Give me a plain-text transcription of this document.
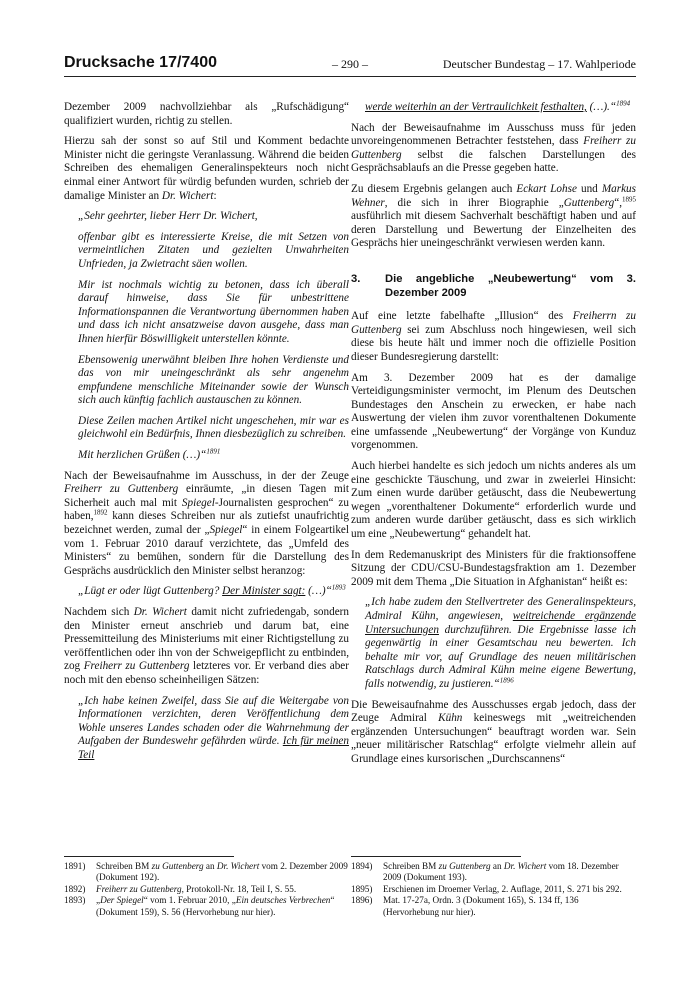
Drucksache 17/7400	– 290 –	Deutscher Bundestag – 17. Wahlperiode

Dezember 2009 nachvollziehbar als „Rufschädigung“ qualifiziert wurden, richtig zu stellen.

Hierzu sah der sonst so auf Stil und Komment bedachte Minister nicht die geringste Veranlassung. Während die beiden Schreiben des ehemaligen Generalinspekteurs noch nicht einmal einer Antwort für würdig befunden wurden, schrieb der damalige Minister an Dr. Wichert:

„Sehr geehrter, lieber Herr Dr. Wichert,

offenbar gibt es interessierte Kreise, die mit Setzen von vermeintlichen Zitaten und gezielten Unwahrheiten Unfrieden, ja Zwietracht säen wollen.

Mir ist nochmals wichtig zu betonen, dass ich überall darauf hinweise, dass Sie für unbestrittene Informationspannen die Verantwortung übernommen haben und dass ich nicht ansatzweise davon ausgehe, dass man Ihnen hierfür Böswilligkeit unterstellen könnte.

Ebensowenig unerwähnt bleiben Ihre hohen Verdienste und das von mir uneingeschränkt als sehr angenehm empfundene menschliche Miteinander sowie der Wunsch sich auch künftig fachlich austauschen zu können.

Diese Zeilen machen Artikel nicht ungeschehen, mir war es gleichwohl ein Bedürfnis, Ihnen diesbezüglich zu schreiben.

Mit herzlichen Grüßen (…)“$^{1891}$

Nach der Beweisaufnahme im Ausschuss, in der der Zeuge Freiherr zu Guttenberg einräumte, „in diesen Tagen mit Sicherheit auch mal mit Spiegel-Journalisten gesprochen“ zu haben,$^{1892}$ kann dieses Schreiben nur als zutiefst unaufrichtig bezeichnet werden, zumal der „Spiegel“ in einem Folgeartikel vom 1. Februar 2010 darauf verzichtete, das „Umfeld des Ministers“ zu bemühen, sondern für die Darstellung des Gesprächs ausdrücklich den Minister selbst heranzog:

„Lügt er oder lügt Guttenberg? Der Minister sagt: (…)“$^{1893}$

Nachdem sich Dr. Wichert damit nicht zufriedengab, sondern den Minister erneut anschrieb und darum bat, eine Pressemitteilung des Ministeriums mit einer Richtigstellung zu veröffentlichen oder ihn von der Schweigepflicht zu entbinden, zog Freiherr zu Guttenberg letzteres vor. Er verband dies aber noch mit den ebenso scheinheiligen Sätzen:

„Ich habe keinen Zweifel, dass Sie auf die Weitergabe von Informationen verzichten, deren Veröffentlichung dem Wohle unseres Landes schaden oder die Wahrnehmung der Aufgaben der Bundeswehr gefährden würde. Ich für meinen Teil

werde weiterhin an der Vertraulichkeit festhalten, (…).“$^{1894}$

Nach der Beweisaufnahme im Ausschuss muss für jeden unvoreingenommenen Betrachter feststehen, dass Freiherr zu Guttenberg selbst die falschen Darstellungen des Gesprächsablaufs an die Presse gegeben hatte.

Zu diesem Ergebnis gelangen auch Eckart Lohse und Markus Wehner, die sich in ihrer Biographie „Guttenberg“,$^{1895}$ ausführlich mit diesem Sachverhalt beschäftigt haben und auf deren Darstellung und Bewertung der Einzelheiten des Gesprächs hier uneingeschränkt verwiesen werden kann.

3.	Die angebliche „Neubewertung“ vom 3. Dezember 2009

Auf eine letzte fabelhafte „Illusion“ des Freiherrn zu Guttenberg sei zum Abschluss noch hingewiesen, weil sich diese bis heute hält und immer noch die offizielle Position dieser Bundesregierung darstellt:

Am 3. Dezember 2009 hat es der damalige Verteidigungsminister vermocht, im Plenum des Deutschen Bundestages den Anschein zu erwecken, er habe nach Auswertung der vielen ihm zuvor vorenthaltenen Dokumente eine umfassende „Neubewertung“ der Vorgänge von Kunduz vorgenommen.

Auch hierbei handelte es sich jedoch um nichts anderes als um eine geschickte Täuschung, und zwar in zweierlei Hinsicht: Zum einen wurde darüber getäuscht, dass die Neubewertung wegen „vorenthaltener Dokumente“ erforderlich wurde und zum anderen wurde darüber getäuscht, dass es sich wirklich um eine „Neubewertung“ gehandelt hat.

In dem Redemanuskript des Ministers für die fraktionsoffene Sitzung der CDU/CSU-Bundestagsfraktion am 1. Dezember 2009 mit dem Thema „Die Situation in Afghanistan“ heißt es:

„Ich habe zudem den Stellvertreter des Generalinspekteurs, Admiral Kühn, angewiesen, weitreichende ergänzende Untersuchungen durchzuführen. Die Ergebnisse lasse ich gegenwärtig in einer Gesamtschau neu bewerten. Ich behalte mir vor, auf Grundlage des neuen militärischen Ratschlags durch Admiral Kühn meine eigene Bewertung, falls notwendig, zu justieren.“$^{1896}$

Die Beweisaufnahme des Ausschusses ergab jedoch, dass der Zeuge Admiral Kühn keineswegs mit „weitreichenden ergänzenden Untersuchungen“ beauftragt worden war. Sein „neuer militärischer Ratschlag“ erfolgte vielmehr allein auf Grundlage eines kursorischen „Durchscannens“

1891)	Schreiben BM zu Guttenberg an Dr. Wichert vom 2. Dezember 2009 (Dokument 192).
1892)	Freiherr zu Guttenberg, Protokoll-Nr. 18, Teil I, S. 55.
1893)	„Der Spiegel“ vom 1. Februar 2010, „Ein deutsches Verbrechen“ (Dokument 159), S. 56 (Hervorhebung nur hier).
1894)	Schreiben BM zu Guttenberg an Dr. Wichert vom 18. Dezember 2009 (Dokument 193).
1895)	Erschienen im Droemer Verlag, 2. Auflage, 2011, S. 271 bis 292.
1896)	Mat. 17-27a, Ordn. 3 (Dokument 165), S. 134 ff, 136 (Hervorhebung nur hier).
